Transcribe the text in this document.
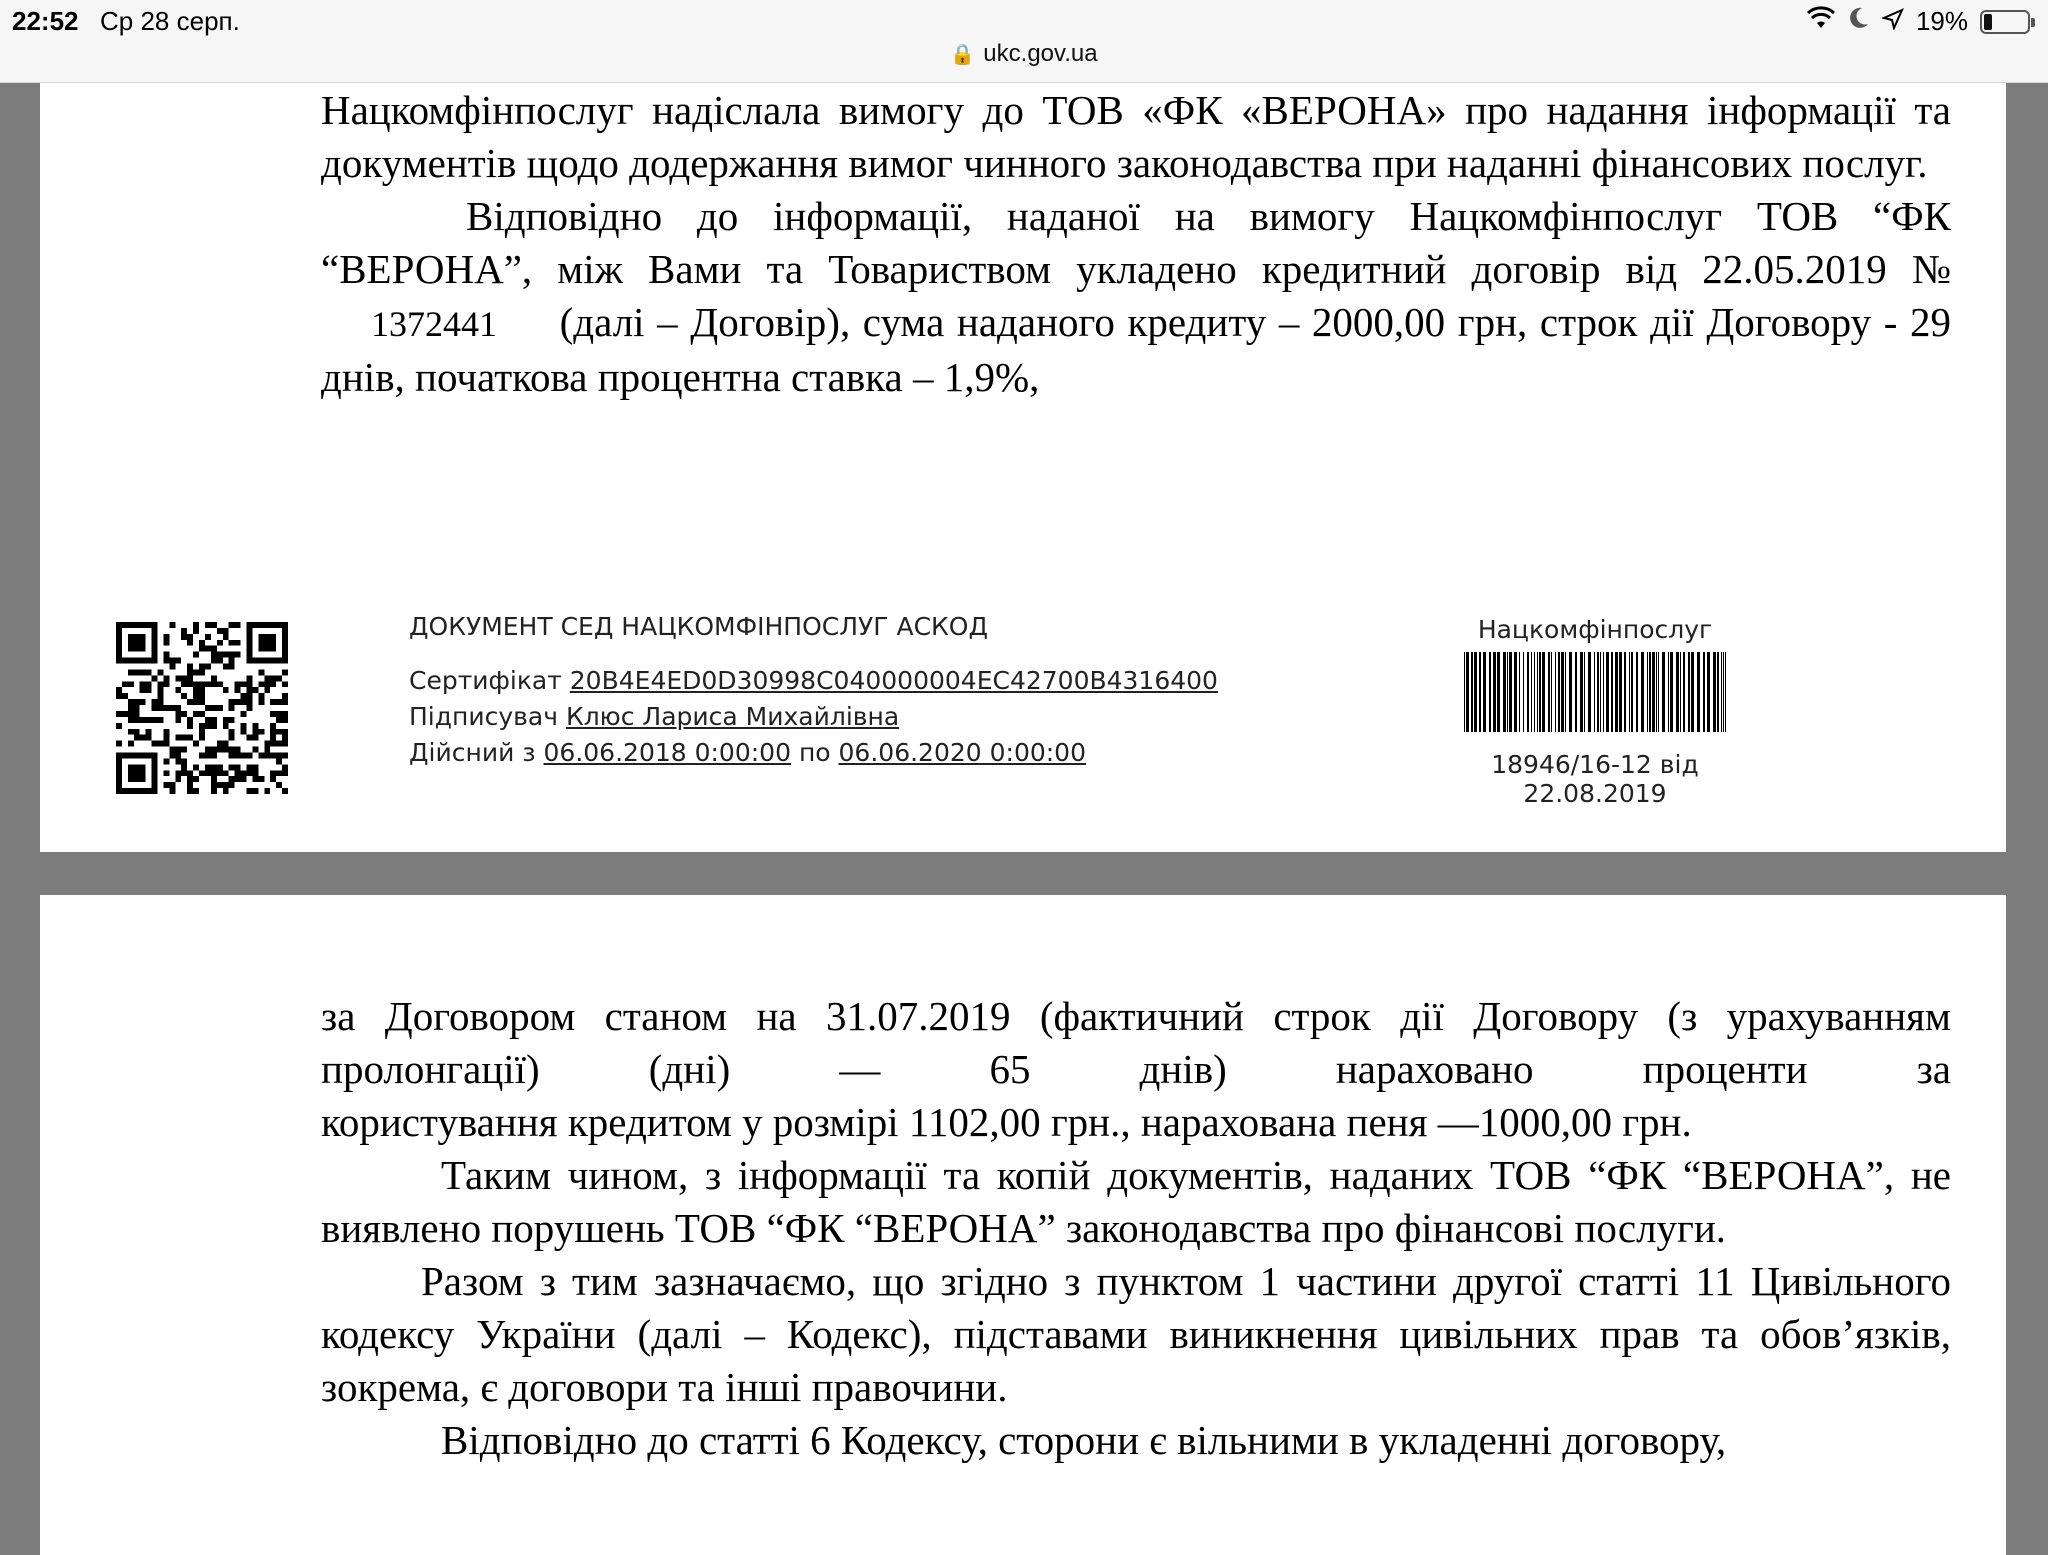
22:52 Ср 28 серп.
🔒 ukc.gov.ua
19%
Нацкомфінпослуг надіслала вимогу до ТОВ «ФК «ВЕРОНА» про надання інформації та документів щодо додержання вимог чинного законодавства при наданні фінансових послуг.
Відповідно до інформації, наданої на вимогу Нацкомфінпослуг ТОВ “ФК “ВЕРОНА”, між Вами та Товариством укладено кредитний договір від 22.05.2019 № 1372441 (далі – Договір), сума наданого кредиту – 2000,00 грн, строк дії Договору - 29 днів, початкова процентна ставка – 1,9%,
ДОКУМЕНТ СЕД НАЦКОМФІНПОСЛУГ АСКОД
Сертифікат 20B4E4ED0D30998C040000004EC42700B4316400
Підписувач Клюс Лариса Михайлівна
Дійсний з 06.06.2018 0:00:00 по 06.06.2020 0:00:00
Нацкомфінпослуг
18946/16-12 від 22.08.2019
за Договором станом на 31.07.2019 (фактичний строк дії Договору (з урахуванням пролонгації) (дні) — 65 днів) нараховано проценти за
користування кредитом у розмірі 1102,00 грн., нарахована пеня —1000,00 грн.
Таким чином, з інформації та копій документів, наданих ТОВ “ФК “ВЕРОНА”, не виявлено порушень ТОВ “ФК “ВЕРОНА” законодавства про фінансові послуги.
Разом з тим зазначаємо, що згідно з пунктом 1 частини другої статті 11 Цивільного кодексу України (далі – Кодекс), підставами виникнення цивільних прав та обов’язків, зокрема, є договори та інші правочини.
Відповідно до статті 6 Кодексу, сторони є вільними в укладенні договору,
